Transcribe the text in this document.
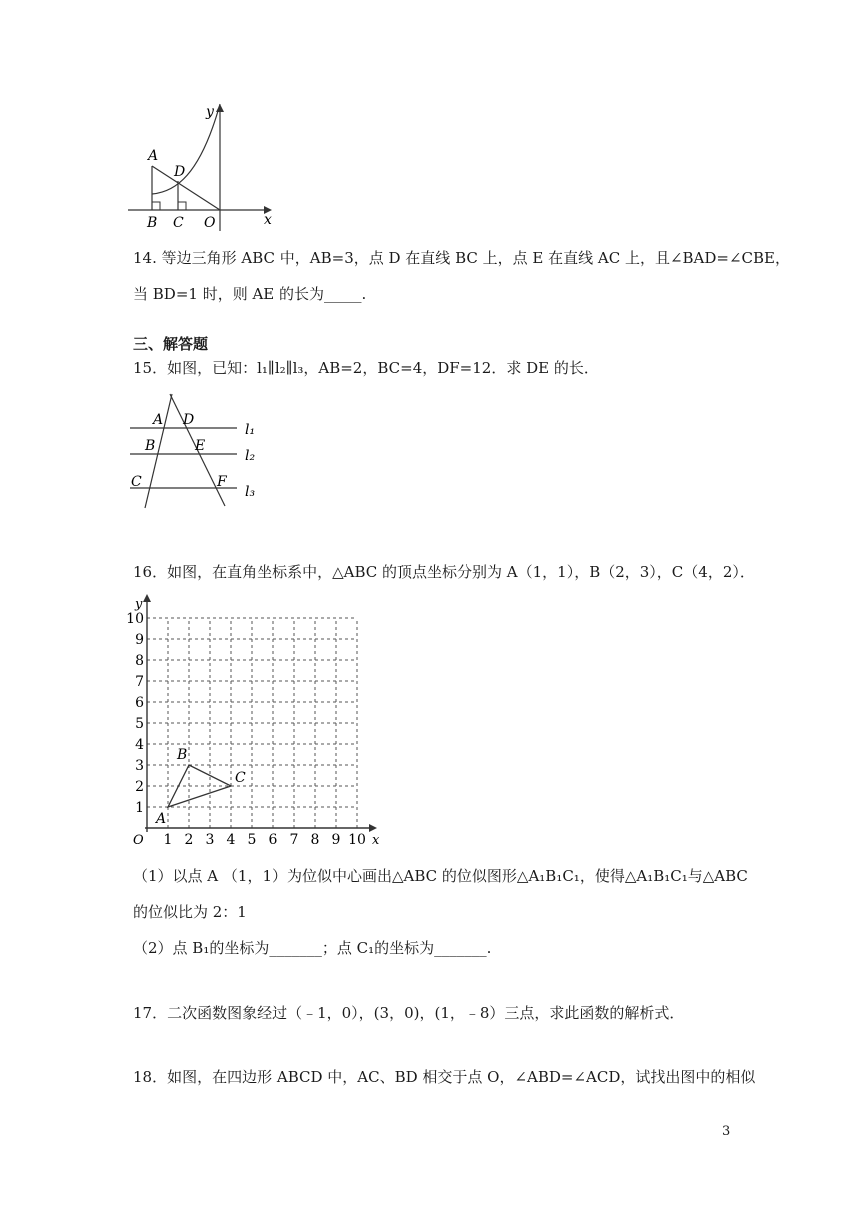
y
x
A
D
B C O
14. 等边三角形 ABC 中，AB=3，点 D 在直线 BC 上，点 E 在直线 AC 上，且∠BAD=∠CBE，
当 BD=1 时，则 AE 的长为_____.
三、解答题
15．如图，已知：l₁∥l₂∥l₃，AB=2，BC=4，DF=12．求 DE 的长．
A D
B	E
C	F
l₁
l₂
l₃
16．如图，在直角坐标系中，△ABC 的顶点坐标分别为 A（1，1），B（2，3），C（4，2）．
y
x
O 1 2 3 4 5 6 7 8 9 10
1
2
3
4
5
6
7
8
9
10
A
B
C
（1）以点 A （1，1）为位似中心画出△ABC 的位似图形△A₁B₁C₁，使得△A₁B₁C₁与△ABC
的位似比为 2：1
（2）点 B₁的坐标为_______；点 C₁的坐标为_______.
17．二次函数图象经过（﹣1，0），(3，0)，(1，﹣8）三点，求此函数的解析式．
18．如图，在四边形 ABCD 中，AC、BD 相交于点 O，∠ABD=∠ACD，试找出图中的相似
3
